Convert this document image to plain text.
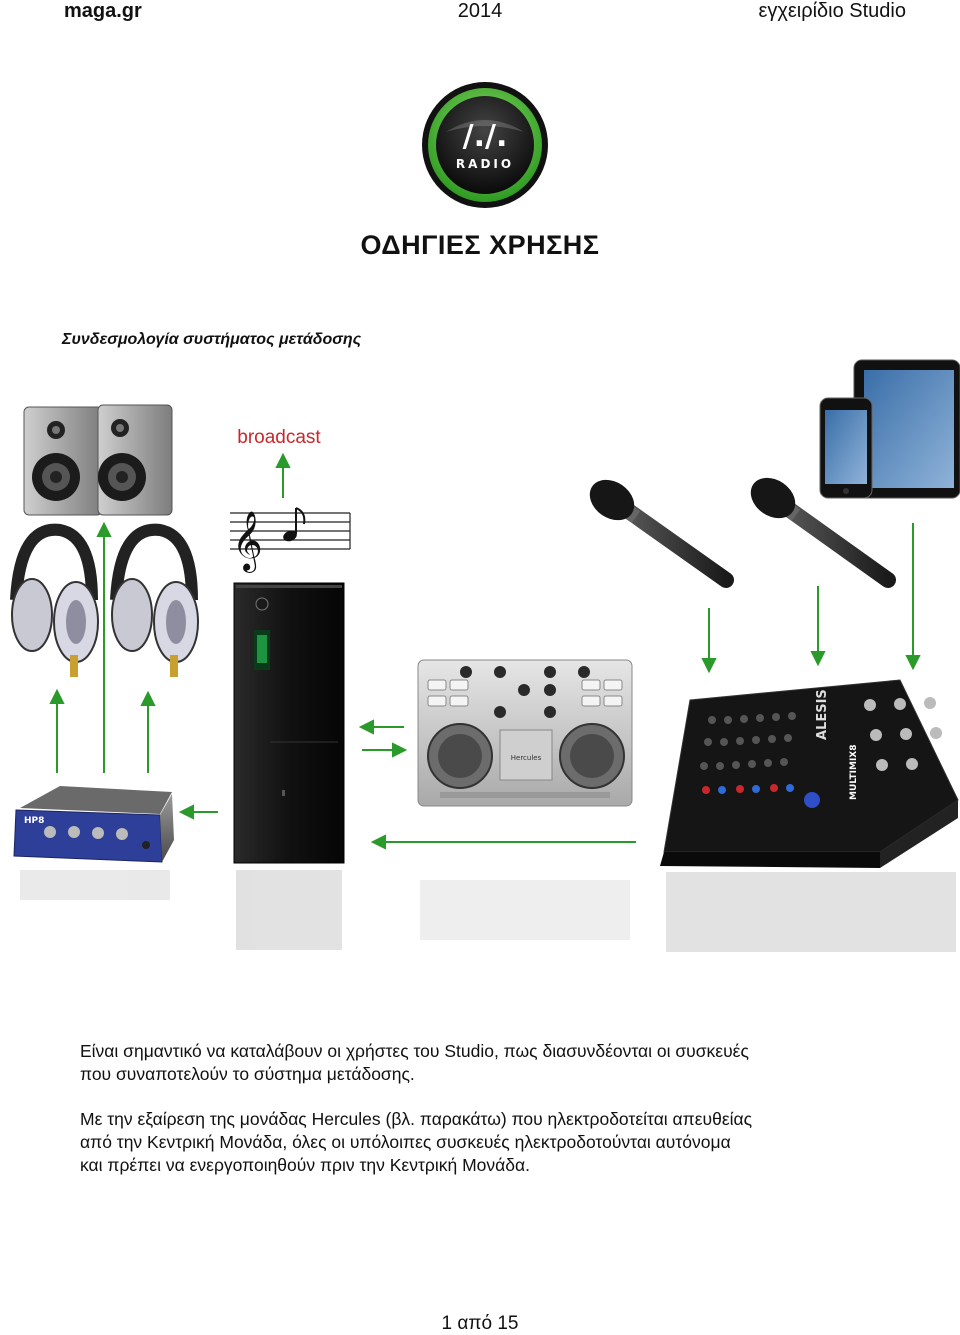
maga.gr	2014	εγχειρίδιο Studio
/./.
RADIO
ΟΔΗΓΙΕΣ ΧΡΗΣΗΣ
Συνδεσμολογία συστήματος μετάδοσης
HP8
𝄞
broadcast
Hercules
ALESIS
MULTIMIX8
Είναι σημαντικό να καταλάβουν οι χρήστες του Studio, πως διασυνδέονται οι συσκευές
που συναποτελούν το σύστημα μετάδοσης.
Με την εξαίρεση της μονάδας Hercules (βλ. παρακάτω) που ηλεκτροδοτείται απευθείας
από την Κεντρική Μονάδα, όλες οι υπόλοιπες συσκευές ηλεκτροδοτούνται αυτόνομα
και πρέπει να ενεργοποιηθούν πριν την Κεντρική Μονάδα.
1 από 15
